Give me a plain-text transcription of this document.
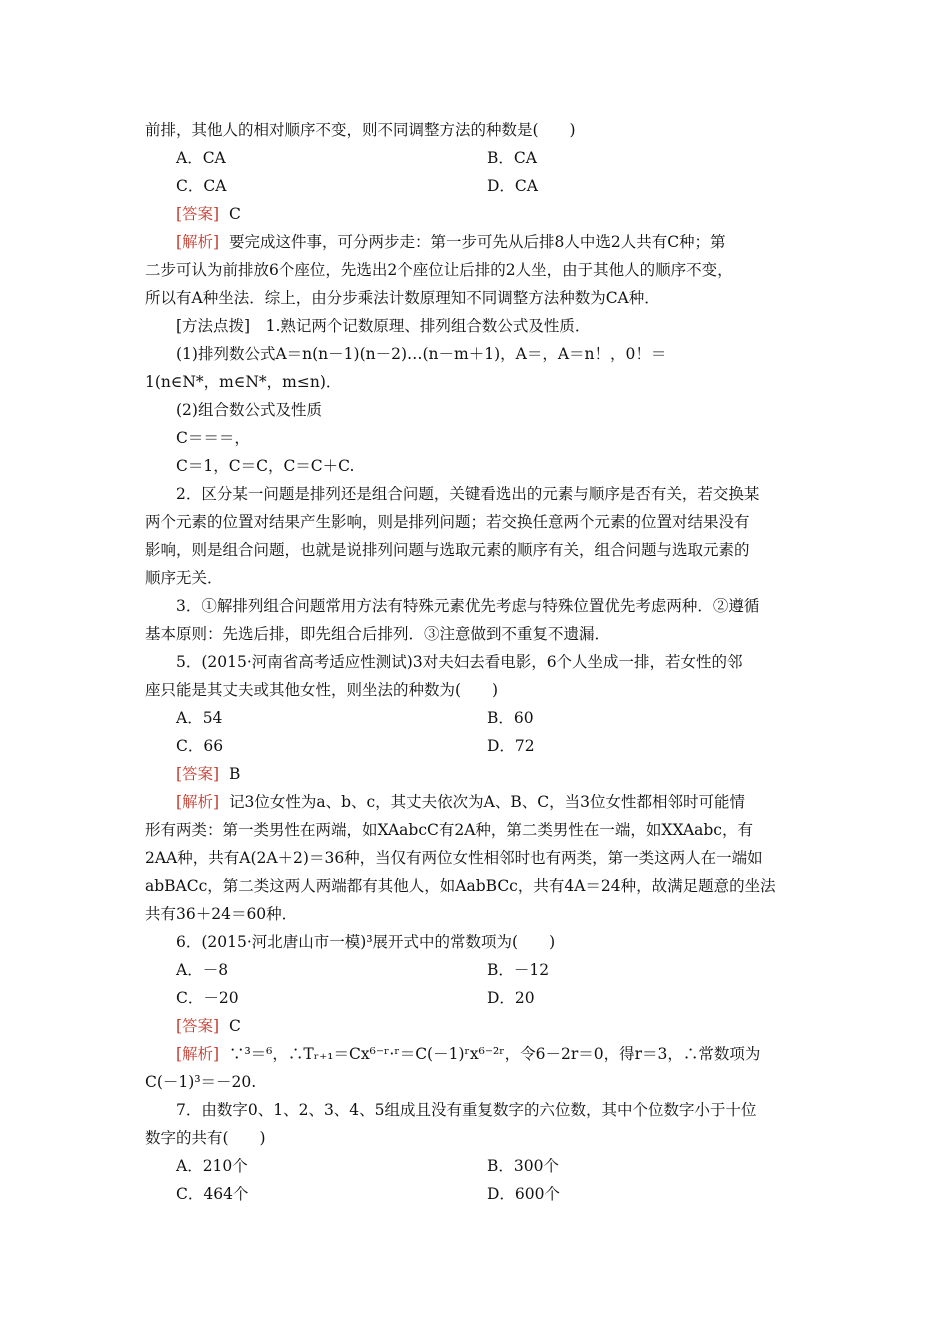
前排，其他人的相对顺序不变，则不同调整方法的种数是(　　)
A．CA	B．CA
C．CA	D．CA
[答案] C
[解析] 要完成这件事，可分两步走：第一步可先从后排8人中选2人共有C种；第
二步可认为前排放6个座位，先选出2个座位让后排的2人坐，由于其他人的顺序不变，
所以有A种坐法．综上，由分步乘法计数原理知不同调整方法种数为CA种．
[方法点拨]　1.熟记两个记数原理、排列组合数公式及性质．
(1)排列数公式A＝n(n－1)(n－2)…(n－m＋1)，A＝，A＝n！，0！＝
1(n∈N*，m∈N*，m≤n)．
(2)组合数公式及性质
C＝＝＝，
C＝1，C＝C，C＝C＋C.
2．区分某一问题是排列还是组合问题，关键看选出的元素与顺序是否有关，若交换某
两个元素的位置对结果产生影响，则是排列问题；若交换任意两个元素的位置对结果没有
影响，则是组合问题，也就是说排列问题与选取元素的顺序有关，组合问题与选取元素的
顺序无关．
3．①解排列组合问题常用方法有特殊元素优先考虑与特殊位置优先考虑两种．②遵循
基本原则：先选后排，即先组合后排列．③注意做到不重复不遗漏．
5．(2015·河南省高考适应性测试)3对夫妇去看电影，6个人坐成一排，若女性的邻
座只能是其丈夫或其他女性，则坐法的种数为(　　)
A．54	B．60
C．66	D．72
[答案] B
[解析] 记3位女性为a、b、c，其丈夫依次为A、B、C，当3位女性都相邻时可能情
形有两类：第一类男性在两端，如XAabcC有2A种，第二类男性在一端，如XXAabc，有
2AA种，共有A(2A＋2)＝36种，当仅有两位女性相邻时也有两类，第一类这两人在一端如
abBACc，第二类这两人两端都有其他人，如AabBCc，共有4A＝24种，故满足题意的坐法
共有36＋24＝60种．
6．(2015·河北唐山市一模)³展开式中的常数项为(　　)
A．－8	B．－12
C．－20	D．20
[答案] C
[解析] ∵³＝⁶，∴Tᵣ₊₁＝Cx⁶⁻ʳ·ʳ＝C(－1)ʳx⁶⁻²ʳ，令6－2r＝0，得r＝3，∴常数项为
C(－1)³＝－20.
7．由数字0、1、2、3、4、5组成且没有重复数字的六位数，其中个位数字小于十位
数字的共有(　　)
A．210个	B．300个
C．464个	D．600个
